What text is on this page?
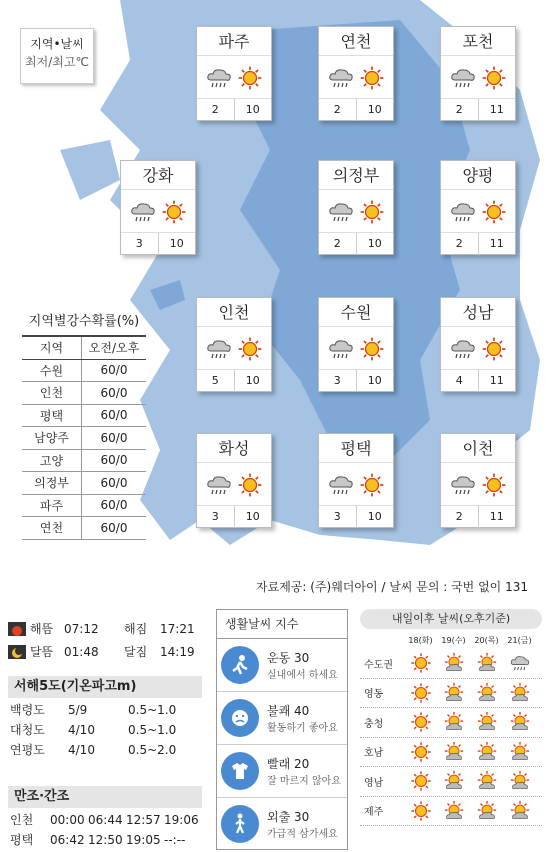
지역•날씨
최저/최고℃
파주
2	10
연천
2	10
포천
2	11
강화
3	10
의정부
2	10
양평
2	11
인천
5	10
수원
3	10
성남
4	11
화성
3	10
평택
3	10
이천
2	11
지역별강수확률(%)
지역	오전/오후
수원	60/0
인천	60/0
평택	60/0
남양주	60/0
고양	60/0
의정부	60/0
파주	60/0
연천	60/0
자료제공: (주)웨더아이 / 날씨 문의 : 국번 없이 131
해뜸 07:12	해짐	17:21
달뜸 01:48	달짐	14:19
서해5도(기온파고m)
백령도	5/9	0.5~1.0
대청도	4/10	0.5~1.0
연평도	4/10	0.5~2.0
만조·간조
인천	00:00 06:44 12:57 19:06
평택	06:42 12:50 19:05 --:--
생활날씨 지수
운동 30
실내에서 하세요
불쾌 40
활동하기 좋아요
빨래 20
잘 마르지 않아요
외출 30
가급적 삼가세요
내일이후 날씨(오후기준)
18(화)	19(수)	20(목)	21(금)
수도권
영동
충청
호남
영남
제주
